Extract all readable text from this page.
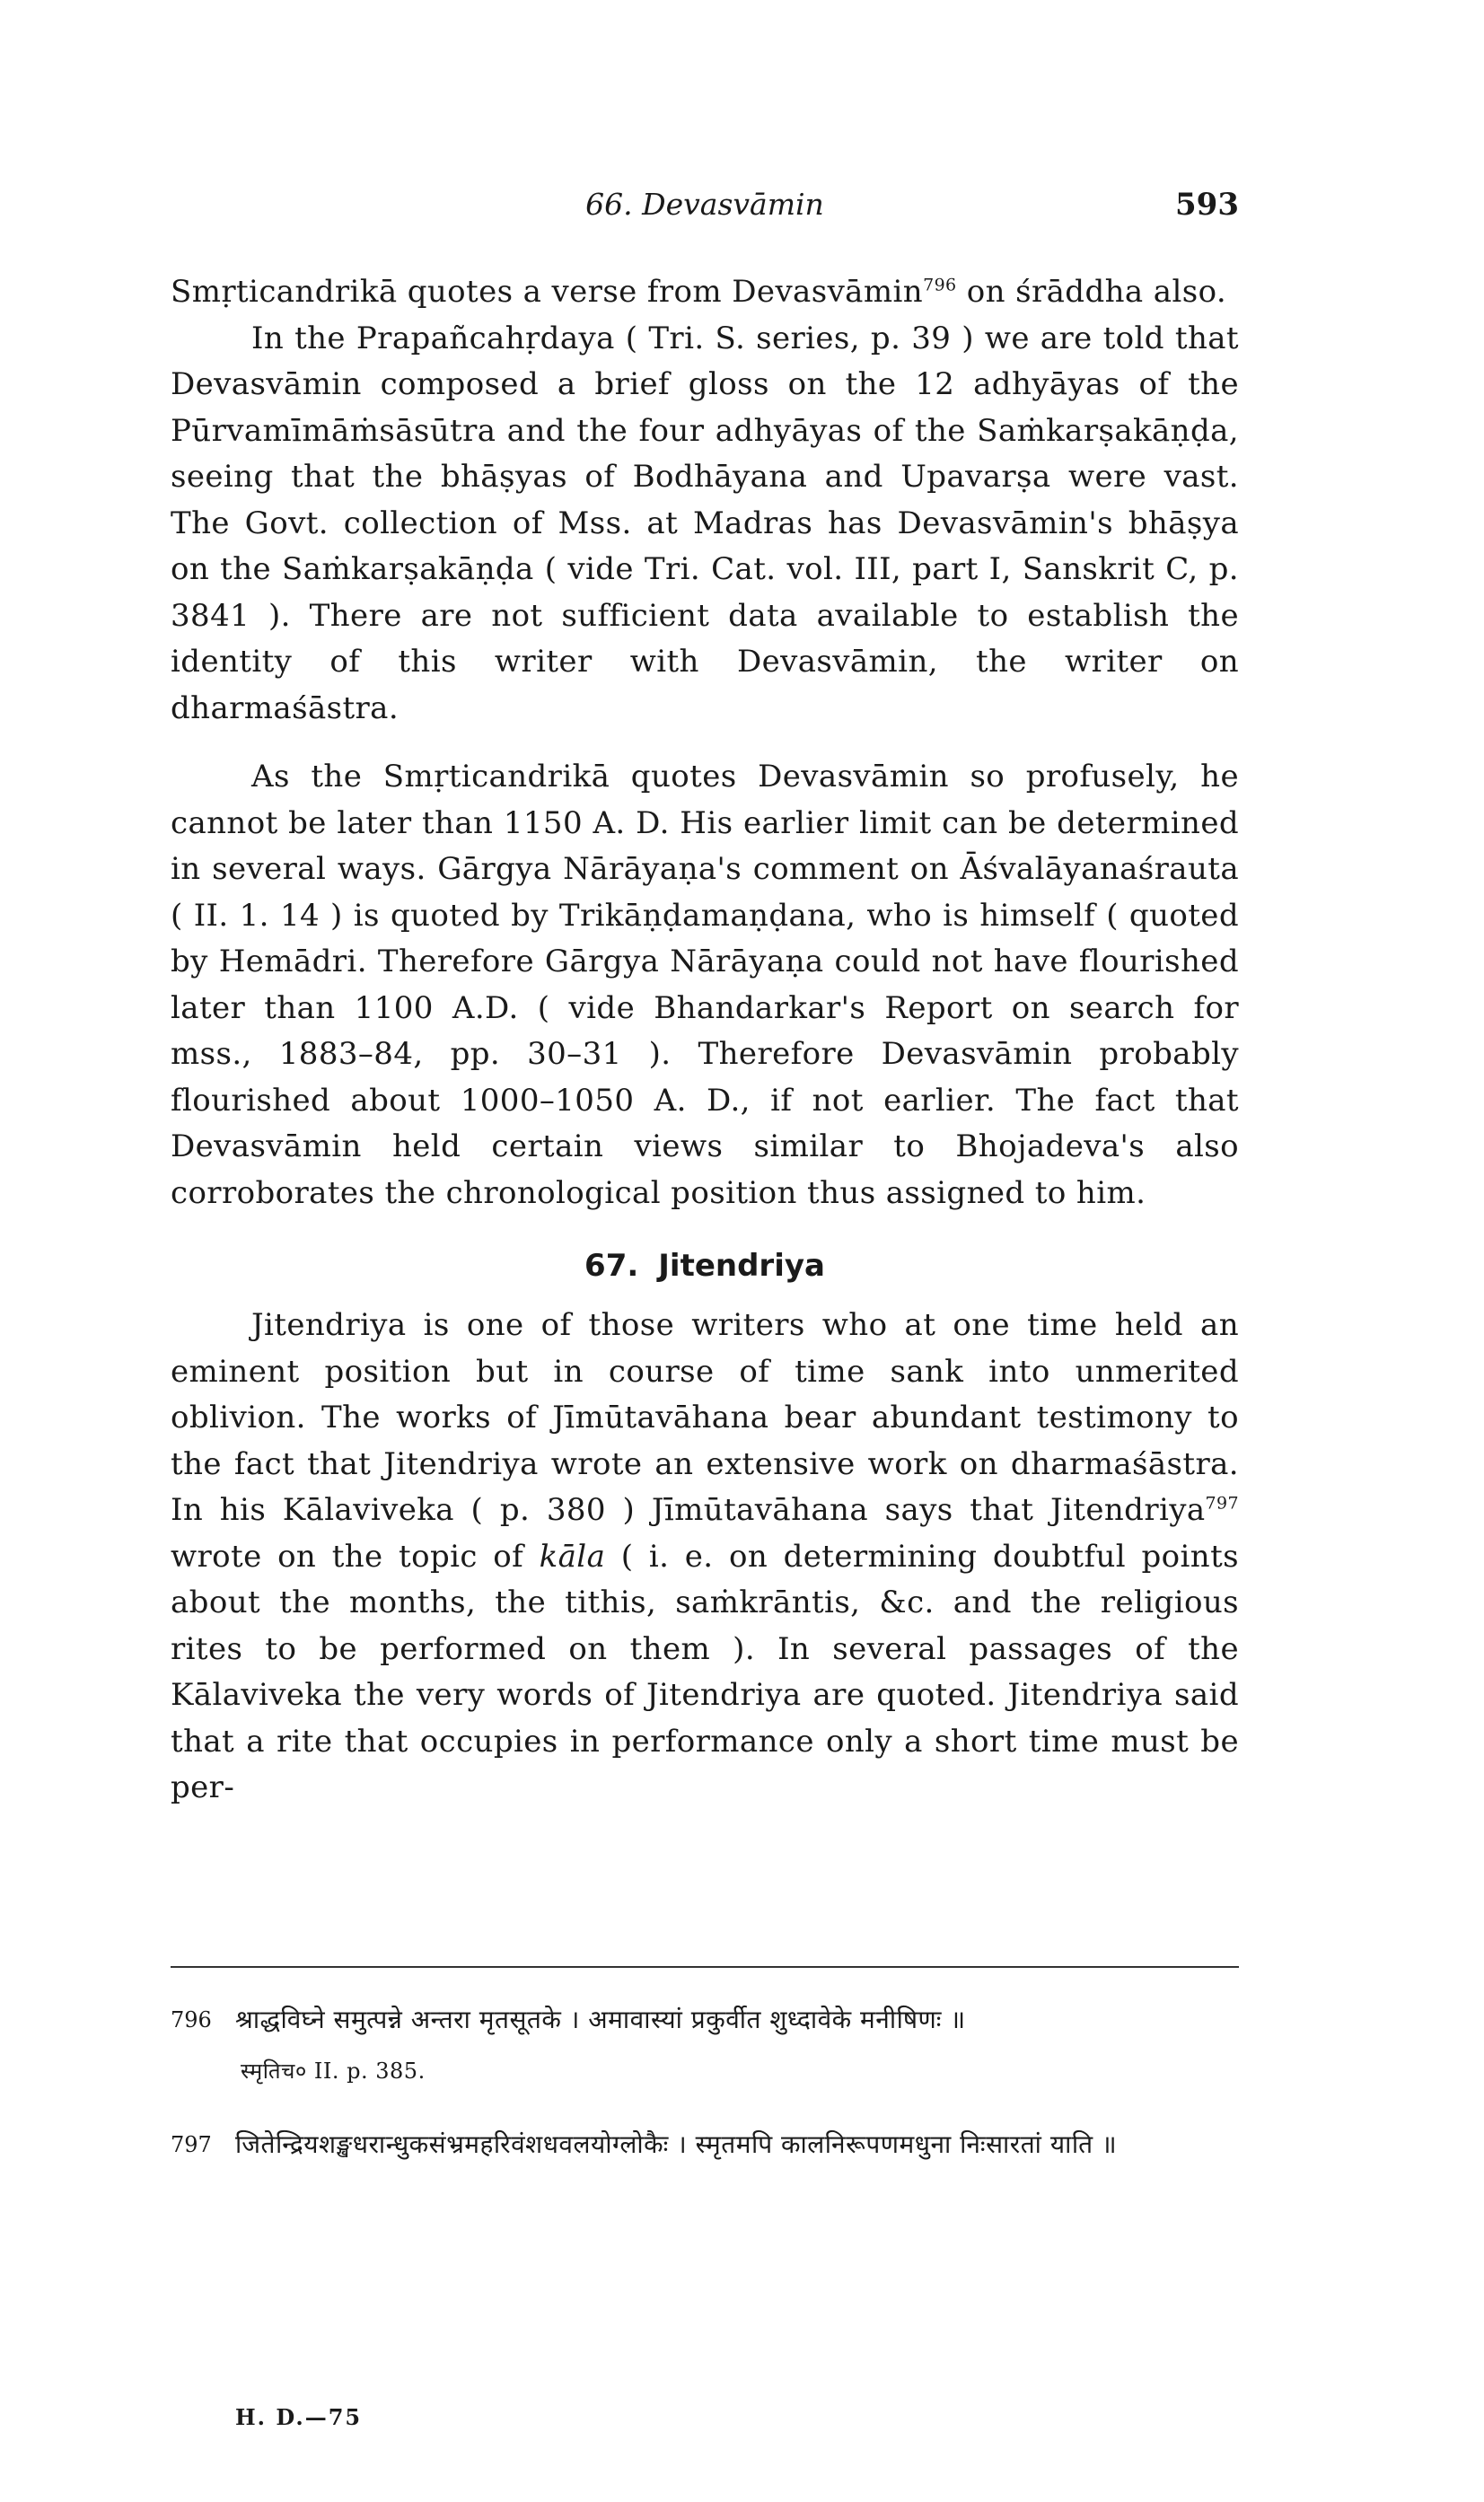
66. Devasvāmin	593

Smṛticandrikā quotes a verse from Devasvāmin$^{796}$ on śrāddha also.

In the Prapañcahṛdaya ( Tri. S. series, p. 39 ) we are told that Devasvāmin composed a brief gloss on the 12 adhyāyas of the Pūrvamīmāṁsāsūtra and the four adhyāyas of the Saṁkarṣakāṇḍa, seeing that the bhāṣyas of Bodhāyana and Upavarṣa were vast. The Govt. collection of Mss. at Madras has Devasvāmin's bhāṣya on the Saṁkarṣakāṇḍa ( vide Tri. Cat. vol. III, part I, Sanskrit C, p. 3841 ). There are not sufficient data available to establish the identity of this writer with Devasvāmin, the writer on dharmaśāstra.

As the Smṛticandrikā quotes Devasvāmin so profusely, he cannot be later than 1150 A. D. His earlier limit can be determined in several ways. Gārgya Nārāyaṇa's comment on Āśvalāyanaśrauta ( II. 1. 14 ) is quoted by Trikāṇḍamaṇḍana, who is himself ( quoted by Hemādri. Therefore Gārgya Nārāyaṇa could not have flourished later than 1100 A.D. ( vide Bhandarkar's Report on search for mss., 1883–84, pp. 30–31 ). Therefore Devasvāmin probably flourished about 1000–1050 A. D., if not earlier. The fact that Devasvāmin held certain views similar to Bhojadeva's also corroborates the chronological position thus assigned to him.

67. Jitendriya

Jitendriya is one of those writers who at one time held an eminent position but in course of time sank into unmerited oblivion. The works of Jīmūtavāhana bear abundant testimony to the fact that Jitendriya wrote an extensive work on dharmaśāstra. In his Kālaviveka ( p. 380 ) Jīmūtavāhana says that Jitendriya$^{797}$ wrote on the topic of kāla ( i. e. on determining doubtful points about the months, the tithis, saṁkrāntis, &c. and the religious rites to be performed on them ). In several passages of the Kālaviveka the very words of Jitendriya are quoted. Jitendriya said that a rite that occupies in performance only a short time must be per-

796 श्राद्धविघ्ने समुत्पन्ने अन्तरा मृतसूतके । अमावास्यां प्रकुर्वीत शुध्दावेके मनीषिणः ॥
स्मृतिच० II. p. 385.
797 जितेन्द्रियशङ्खधरान्धुकसंभ्रमहरिवंशधवलयोग्लोकैः । स्मृतमपि कालनिरूपणमधुना निःसारतां याति ॥
H. D.—75
